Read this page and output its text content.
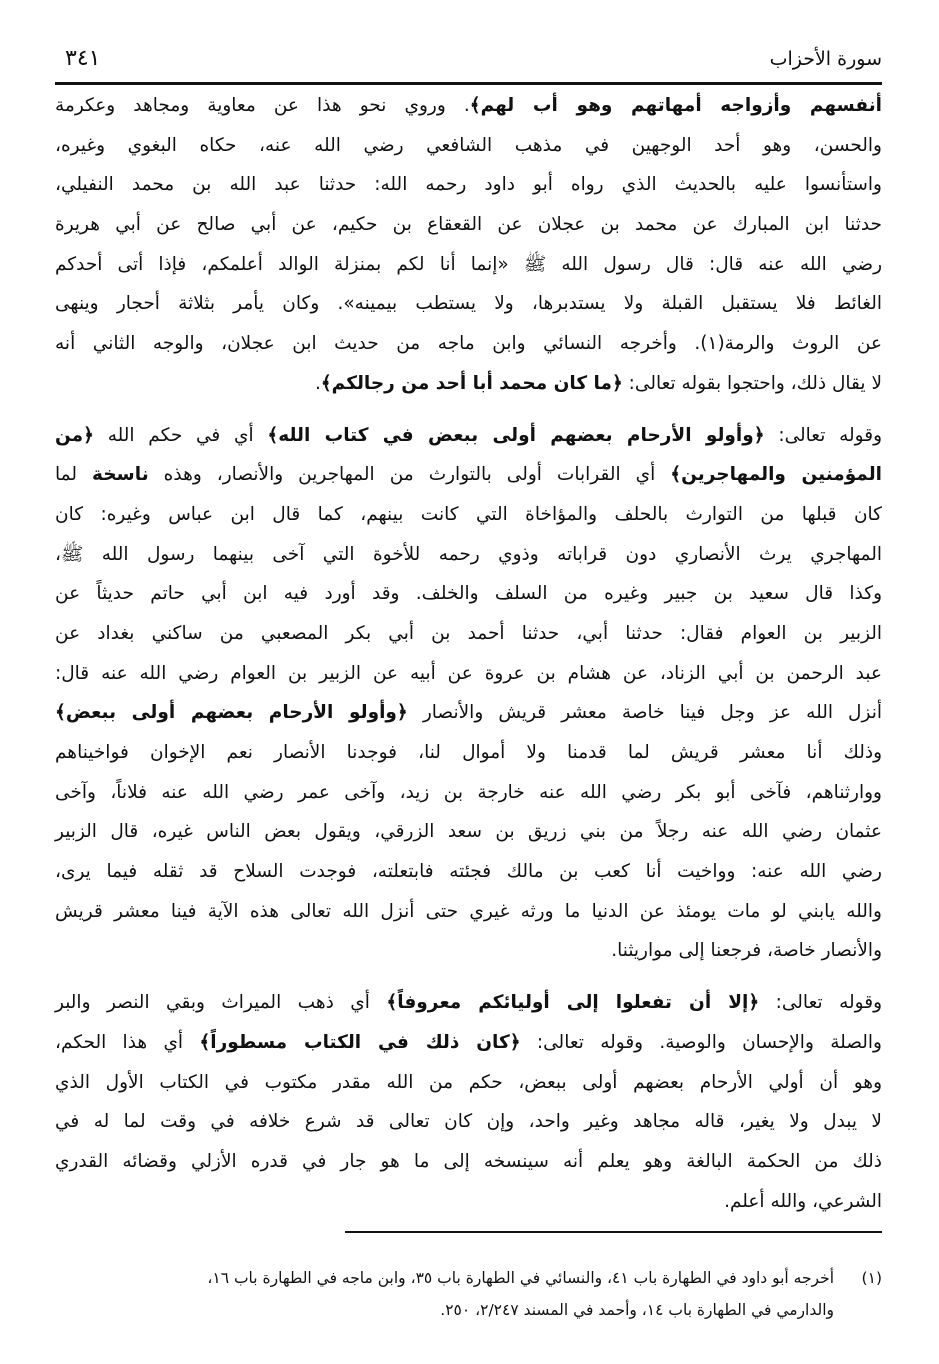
سورة الأحزاب
٣٤١
أنفسهم وأزواجه أمهاتهم وهو أب لهم﴾. وروي نحو هذا عن معاوية ومجاهد وعكرمة
والحسن، وهو أحد الوجهين في مذهب الشافعي رضي الله عنه، حكاه البغوي وغيره،
واستأنسوا عليه بالحديث الذي رواه أبو داود رحمه الله: حدثنا عبد الله بن محمد النفيلي،
حدثنا ابن المبارك عن محمد بن عجلان عن القعقاع بن حكيم، عن أبي صالح عن أبي هريرة
رضي الله عنه قال: قال رسول الله ﷺ «إنما أنا لكم بمنزلة الوالد أعلمكم، فإذا أتى أحدكم
الغائط فلا يستقبل القبلة ولا يستدبرها، ولا يستطب بيمينه». وكان يأمر بثلاثة أحجار وينهى
عن الروث والرمة(١). وأخرجه النسائي وابن ماجه من حديث ابن عجلان، والوجه الثاني أنه
لا يقال ذلك، واحتجوا بقوله تعالى: ﴿ما كان محمد أبا أحد من رجالكم﴾.
وقوله تعالى: ﴿وأولو الأرحام بعضهم أولى ببعض في كتاب الله﴾ أي في حكم الله ﴿من
المؤمنين والمهاجرين﴾ أي القرابات أولى بالتوارث من المهاجرين والأنصار، وهذه ناسخة لما
كان قبلها من التوارث بالحلف والمؤاخاة التي كانت بينهم، كما قال ابن عباس وغيره: كان
المهاجري يرث الأنصاري دون قراباته وذوي رحمه للأخوة التي آخى بينهما رسول الله ﷺ،
وكذا قال سعيد بن جبير وغيره من السلف والخلف. وقد أورد فيه ابن أبي حاتم حديثاً عن
الزبير بن العوام فقال: حدثنا أبي، حدثنا أحمد بن أبي بكر المصعبي من ساكني بغداد عن
عبد الرحمن بن أبي الزناد، عن هشام بن عروة عن أبيه عن الزبير بن العوام رضي الله عنه قال:
أنزل الله عز وجل فينا خاصة معشر قريش والأنصار ﴿وأولو الأرحام بعضهم أولى ببعض﴾
وذلك أنا معشر قريش لما قدمنا ولا أموال لنا، فوجدنا الأنصار نعم الإخوان فواخيناهم
ووارثناهم، فآخى أبو بكر رضي الله عنه خارجة بن زيد، وآخى عمر رضي الله عنه فلاناً، وآخى
عثمان رضي الله عنه رجلاً من بني زريق بن سعد الزرقي، ويقول بعض الناس غيره، قال الزبير
رضي الله عنه: وواخيت أنا كعب بن مالك فجئته فابتعلته، فوجدت السلاح قد ثقله فيما يرى،
والله يابني لو مات يومئذ عن الدنيا ما ورثه غيري حتى أنزل الله تعالى هذه الآية فينا معشر قريش
والأنصار خاصة، فرجعنا إلى مواريثنا.
وقوله تعالى: ﴿إلا أن تفعلوا إلى أوليائكم معروفاً﴾ أي ذهب الميراث وبقي النصر والبر
والصلة والإحسان والوصية. وقوله تعالى: ﴿كان ذلك في الكتاب مسطوراً﴾ أي هذا الحكم،
وهو أن أولي الأرحام بعضهم أولى ببعض، حكم من الله مقدر مكتوب في الكتاب الأول الذي
لا يبدل ولا يغير، قاله مجاهد وغير واحد، وإن كان تعالى قد شرع خلافه في وقت لما له في
ذلك من الحكمة البالغة وهو يعلم أنه سينسخه إلى ما هو جار في قدره الأزلي وقضائه القدري
الشرعي، والله أعلم.
(١)أخرجه أبو داود في الطهارة باب ٤١، والنسائي في الطهارة باب ٣٥، وابن ماجه في الطهارة باب ١٦،
والدارمي في الطهارة باب ١٤، وأحمد في المسند ٢/٢٤٧، ٢٥٠.
